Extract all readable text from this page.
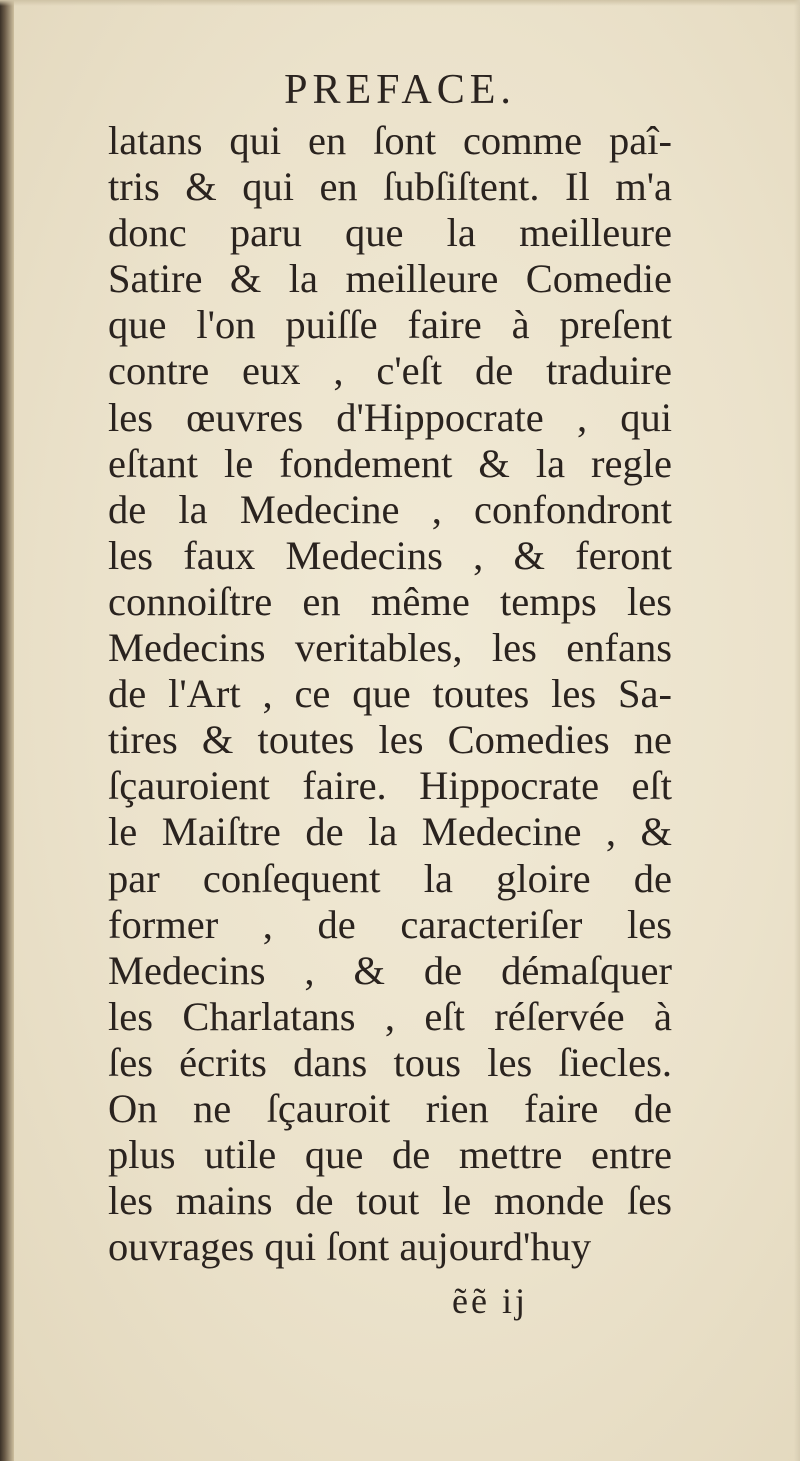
PREFACE.
latans qui en ſont comme paî-
tris & qui en ſubſiſtent. Il m'a
donc paru que la meilleure
Satire & la meilleure Comedie
que l'on puiſſe faire à preſent
contre eux , c'eſt de traduire
les œuvres d'Hippocrate , qui
eſtant le fondement & la regle
de la Medecine , confondront
les faux Medecins , & feront
connoiſtre en même temps les
Medecins veritables, les enfans
de l'Art , ce que toutes les Sa-
tires & toutes les Comedies ne
ſçauroient faire. Hippocrate eſt
le Maiſtre de la Medecine , &
par conſequent la gloire de
former , de caracteriſer les
Medecins , & de démaſquer
les Charlatans , eſt réſervée à
ſes écrits dans tous les ſiecles.
On ne ſçauroit rien faire de
plus utile que de mettre entre
les mains de tout le monde ſes
ouvrages qui ſont aujourd'huy

ẽẽ ij
